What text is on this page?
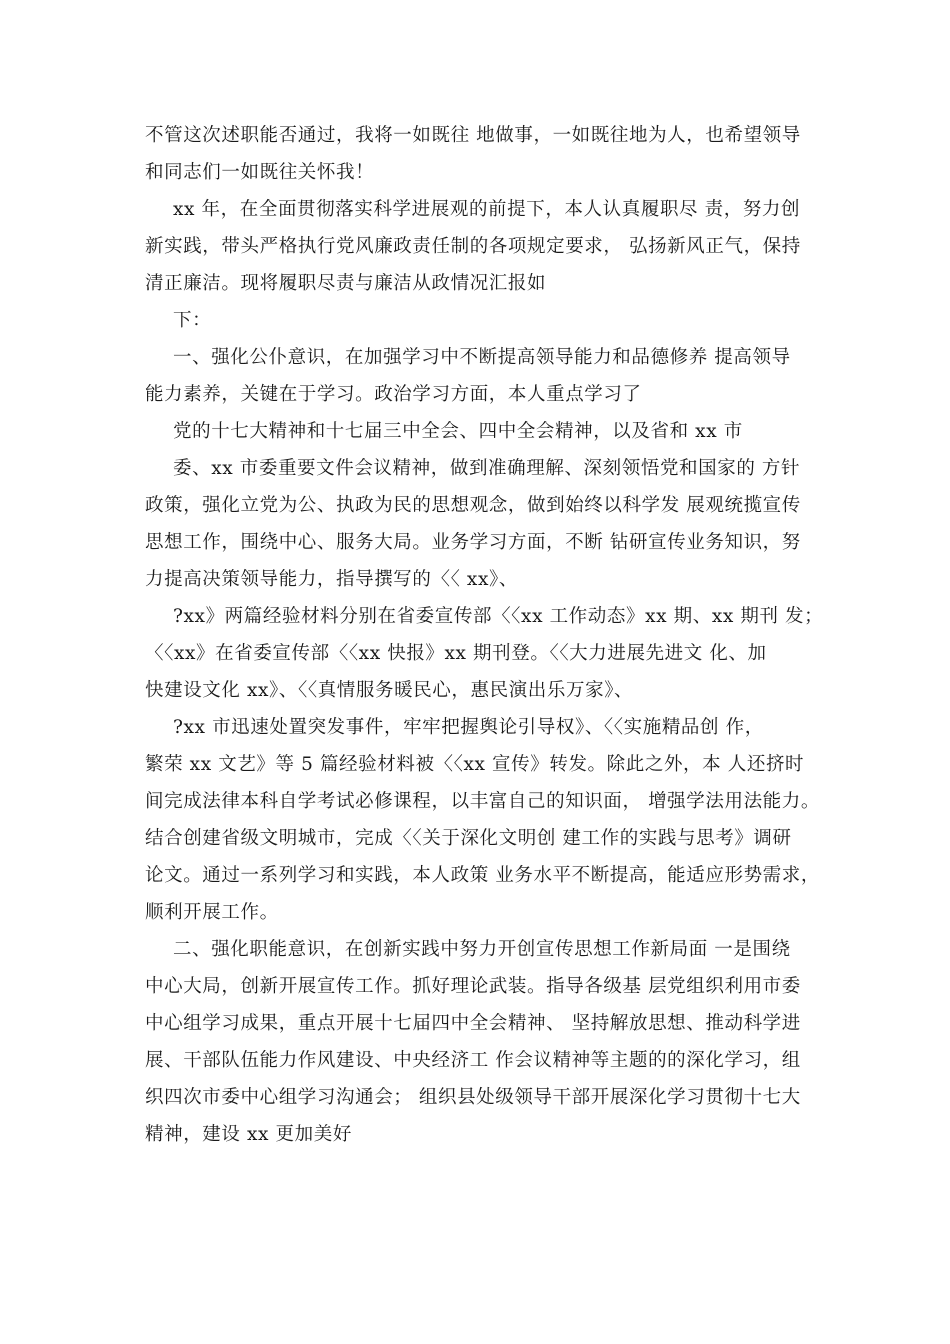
不管这次述职能否通过，我将一如既往 地做事，一如既往地为人，也希望领导
和同志们一如既往关怀我！
xx 年，在全面贯彻落实科学进展观的前提下，本人认真履职尽 责，努力创
新实践，带头严格执行党风廉政责任制的各项规定要求， 弘扬新风正气，保持
清正廉洁。现将履职尽责与廉洁从政情况汇报如
下：
一、强化公仆意识，在加强学习中不断提高领导能力和品德修养 提高领导
能力素养，关键在于学习。政治学习方面，本人重点学习了
党的十七大精神和十七届三中全会、四中全会精神，以及省和 xx 市
委、xx 市委重要文件会议精神，做到准确理解、深刻领悟党和国家的 方针
政策，强化立党为公、执政为民的思想观念，做到始终以科学发 展观统揽宣传
思想工作，围绕中心、服务大局。业务学习方面，不断 钻研宣传业务知识，努
力提高决策领导能力，指导撰写的〈〈 xx》、
?xx》两篇经验材料分别在省委宣传部〈〈xx 工作动态》xx 期、xx 期刊 发；
〈〈xx》在省委宣传部〈〈xx 快报》xx 期刊登。〈〈大力进展先进文 化、加
快建设文化 xx》、〈〈真情服务暖民心，惠民演出乐万家》、
?xx 市迅速处置突发事件，牢牢把握舆论引导权》、〈〈实施精品创 作，
繁荣 xx 文艺》等 5 篇经验材料被〈〈xx 宣传》转发。除此之外，本 人还挤时
间完成法律本科自学考试必修课程，以丰富自己的知识面， 增强学法用法能力。
结合创建省级文明城市，完成〈〈关于深化文明创 建工作的实践与思考》调研
论文。通过一系列学习和实践，本人政策 业务水平不断提高，能适应形势需求，
顺利开展工作。
二、强化职能意识，在创新实践中努力开创宣传思想工作新局面 一是围绕
中心大局，创新开展宣传工作。抓好理论武装。指导各级基 层党组织利用市委
中心组学习成果，重点开展十七届四中全会精神、 坚持解放思想、推动科学进
展、干部队伍能力作风建设、中央经济工 作会议精神等主题的的深化学习，组
织四次市委中心组学习沟通会； 组织县处级领导干部开展深化学习贯彻十七大
精神，建设 xx 更加美好
